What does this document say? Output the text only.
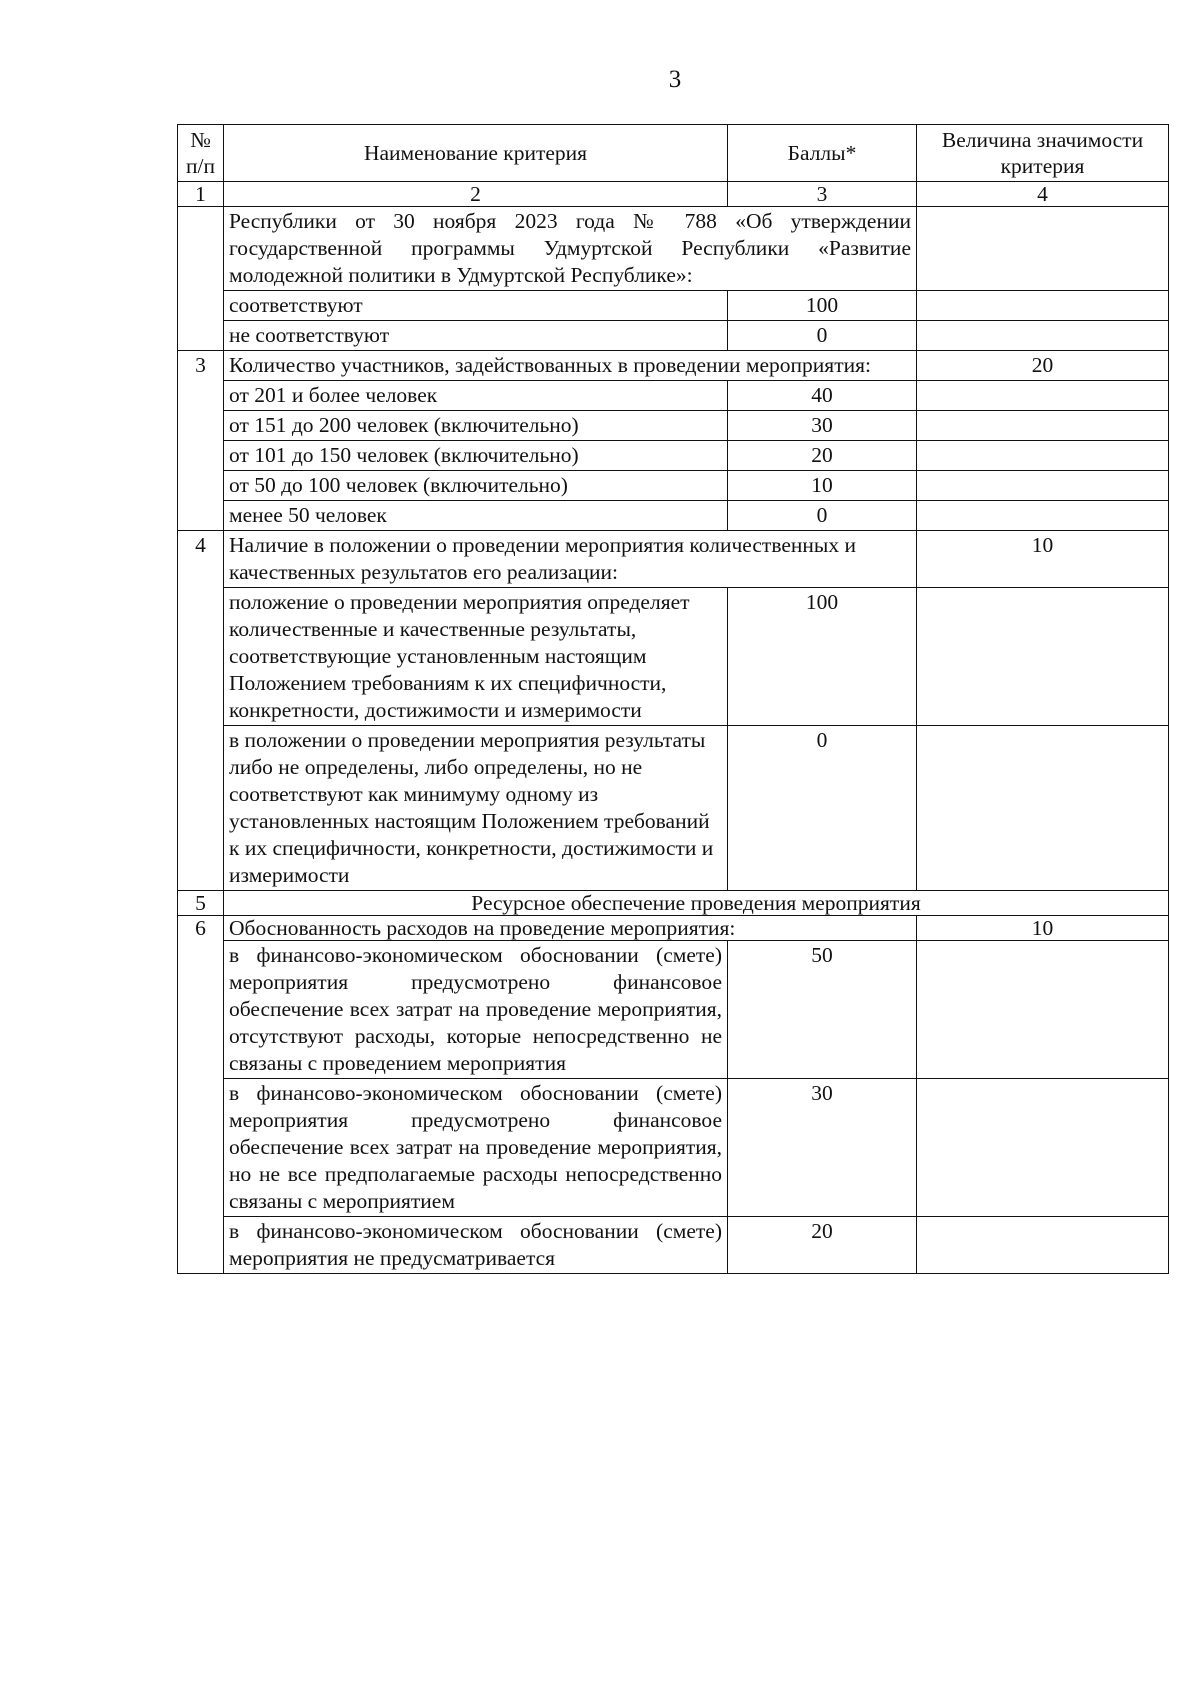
3
№ п/п	Наименование критерия	Баллы*	Величина значимости критерия
1	2	3	4
	Республики от 30 ноября 2023 года № 788 «Об утверждении государственной программы Удмуртской Республики «Развитие молодежной политики в Удмуртской Республике»:		
	соответствуют	100	
	не соответствуют	0	
3	Количество участников, задействованных в проведении мероприятия:		20
	от 201 и более человек	40	
	от 151 до 200 человек (включительно)	30	
	от 101 до 150 человек (включительно)	20	
	от 50 до 100 человек (включительно)	10	
	менее 50 человек	0	
4	Наличие в положении о проведении мероприятия количественных и качественных результатов его реализации:		10
	положение о проведении мероприятия определяет количественные и качественные результаты, соответствующие установленным настоящим Положением требованиям к их специфичности, конкретности, достижимости и измеримости	100	
	в положении о проведении мероприятия результаты либо не определены, либо определены, но не соответствуют как минимуму одному из установленных настоящим Положением требований к их специфичности, конкретности, достижимости и измеримости	0	
5	Ресурсное обеспечение проведения мероприятия		
6	Обоснованность расходов на проведение мероприятия:		10
	в финансово-экономическом обосновании (смете) мероприятия предусмотрено финансовое обеспечение всех затрат на проведение мероприятия, отсутствуют расходы, которые непосредственно не связаны с проведением мероприятия	50	
	в финансово-экономическом обосновании (смете) мероприятия предусмотрено финансовое обеспечение всех затрат на проведение мероприятия, но не все предполагаемые расходы непосредственно связаны с мероприятием	30	
	в финансово-экономическом обосновании (смете) мероприятия не предусматривается	20	
